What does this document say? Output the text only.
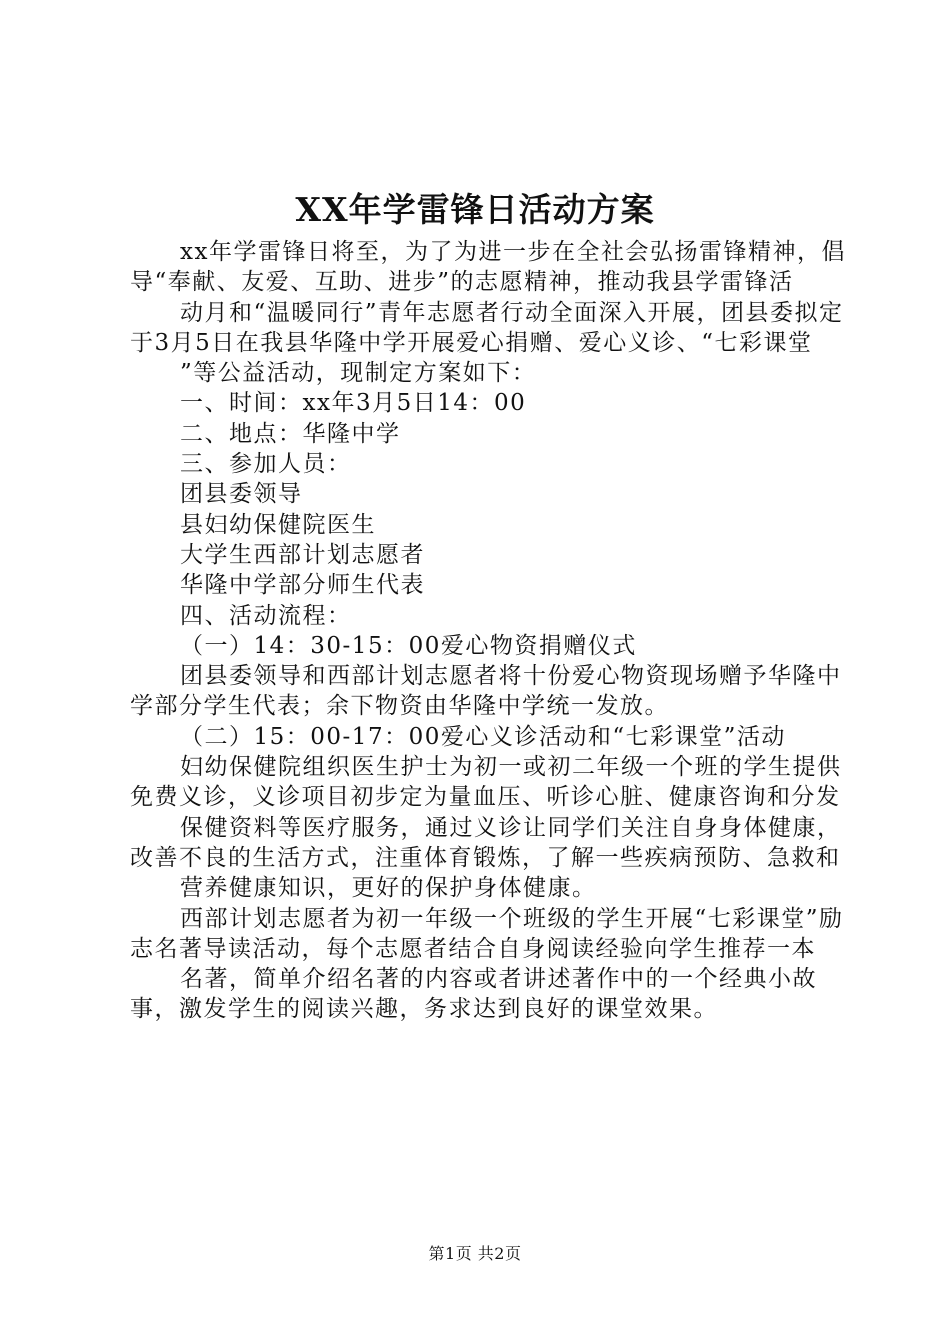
XX年学雷锋日活动方案

xx年学雷锋日将至，为了为进一步在全社会弘扬雷锋精神，倡导“奉献、友爱、互助、进步”的志愿精神，推动我县学雷锋活

动月和“温暖同行”青年志愿者行动全面深入开展，团县委拟定于3月5日在我县华隆中学开展爱心捐赠、爱心义诊、“七彩课堂

”等公益活动，现制定方案如下：

一、时间：xx年3月5日14：00

二、地点：华隆中学

三、参加人员：

团县委领导

县妇幼保健院医生

大学生西部计划志愿者

华隆中学部分师生代表

四、活动流程：

（一）14：30-15：00爱心物资捐赠仪式

团县委领导和西部计划志愿者将十份爱心物资现场赠予华隆中学部分学生代表；余下物资由华隆中学统一发放。

（二）15：00-17：00爱心义诊活动和“七彩课堂”活动

妇幼保健院组织医生护士为初一或初二年级一个班的学生提供免费义诊，义诊项目初步定为量血压、听诊心脏、健康咨询和分发

保健资料等医疗服务，通过义诊让同学们关注自身身体健康，改善不良的生活方式，注重体育锻炼，了解一些疾病预防、急救和

营养健康知识，更好的保护身体健康。

西部计划志愿者为初一年级一个班级的学生开展“七彩课堂”励志名著导读活动，每个志愿者结合自身阅读经验向学生推荐一本

名著，简单介绍名著的内容或者讲述著作中的一个经典小故事，激发学生的阅读兴趣，务求达到良好的课堂效果。

第1页 共2页
